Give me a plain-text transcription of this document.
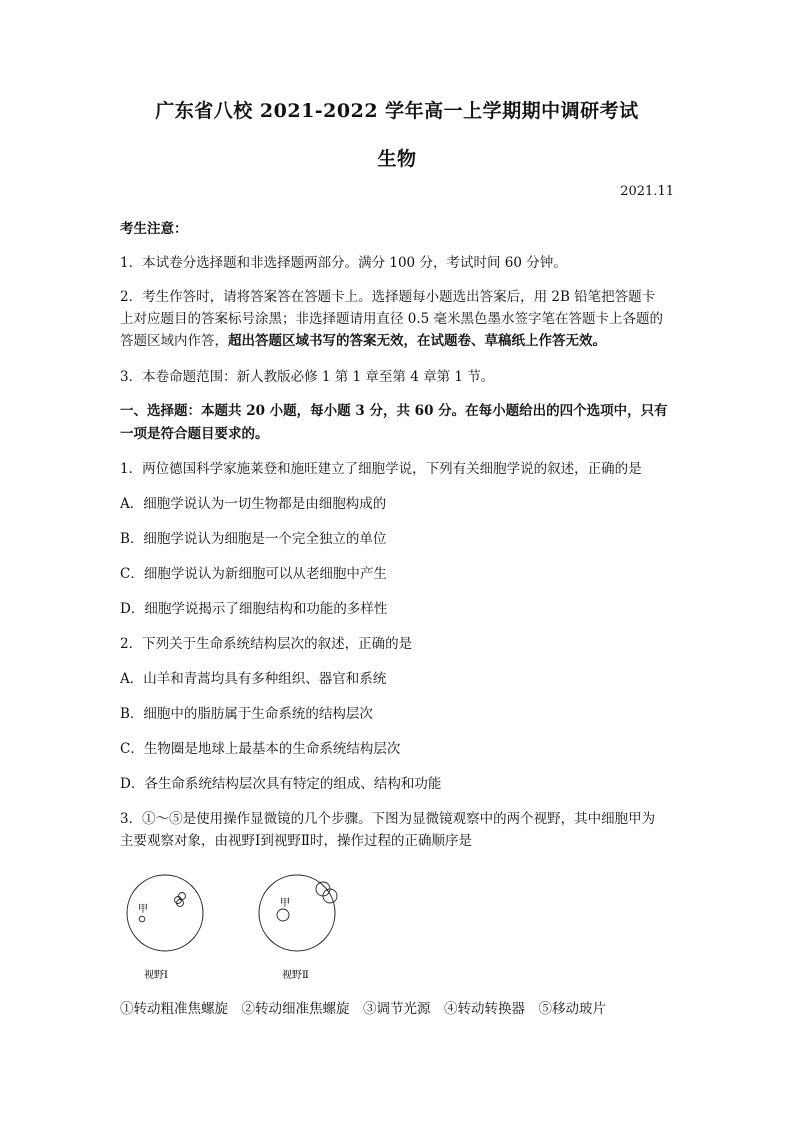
广东省八校 2021-2022 学年高一上学期期中调研考试
生物
2021.11
考生注意：
1．本试卷分选择题和非选择题两部分。满分 100 分，考试时间 60 分钟。
2．考生作答时，请将答案答在答题卡上。选择题每小题选出答案后，用 2B 铅笔把答题卡
上对应题目的答案标号涂黑；非选择题请用直径 0.5 毫米黑色墨水签字笔在答题卡上各题的
答题区域内作答，超出答题区域书写的答案无效，在试题卷、草稿纸上作答无效。
3．本卷命题范围：新人教版必修 1 第 1 章至第 4 章第 1 节。
一、选择题：本题共 20 小题，每小题 3 分，共 60 分。在每小题给出的四个选项中，只有
一项是符合题目要求的。
1．两位德国科学家施莱登和施旺建立了细胞学说，下列有关细胞学说的叙述，正确的是
A．细胞学说认为一切生物都是由细胞构成的
B．细胞学说认为细胞是一个完全独立的单位
C．细胞学说认为新细胞可以从老细胞中产生
D．细胞学说揭示了细胞结构和功能的多样性
2．下列关于生命系统结构层次的叙述，正确的是
A．山羊和青蒿均具有多种组织、器官和系统
B．细胞中的脂肪属于生命系统的结构层次
C．生物圈是地球上最基本的生命系统结构层次
D．各生命系统结构层次具有特定的组成、结构和功能
3．①～⑤是使用操作显微镜的几个步骤。下图为显微镜观察中的两个视野，其中细胞甲为
主要观察对象，由视野Ⅰ到视野Ⅱ时，操作过程的正确顺序是
甲
视野Ⅰ
甲
视野Ⅱ
①转动粗准焦螺旋　②转动细准焦螺旋　③调节光源　④转动转换器　⑤移动玻片
